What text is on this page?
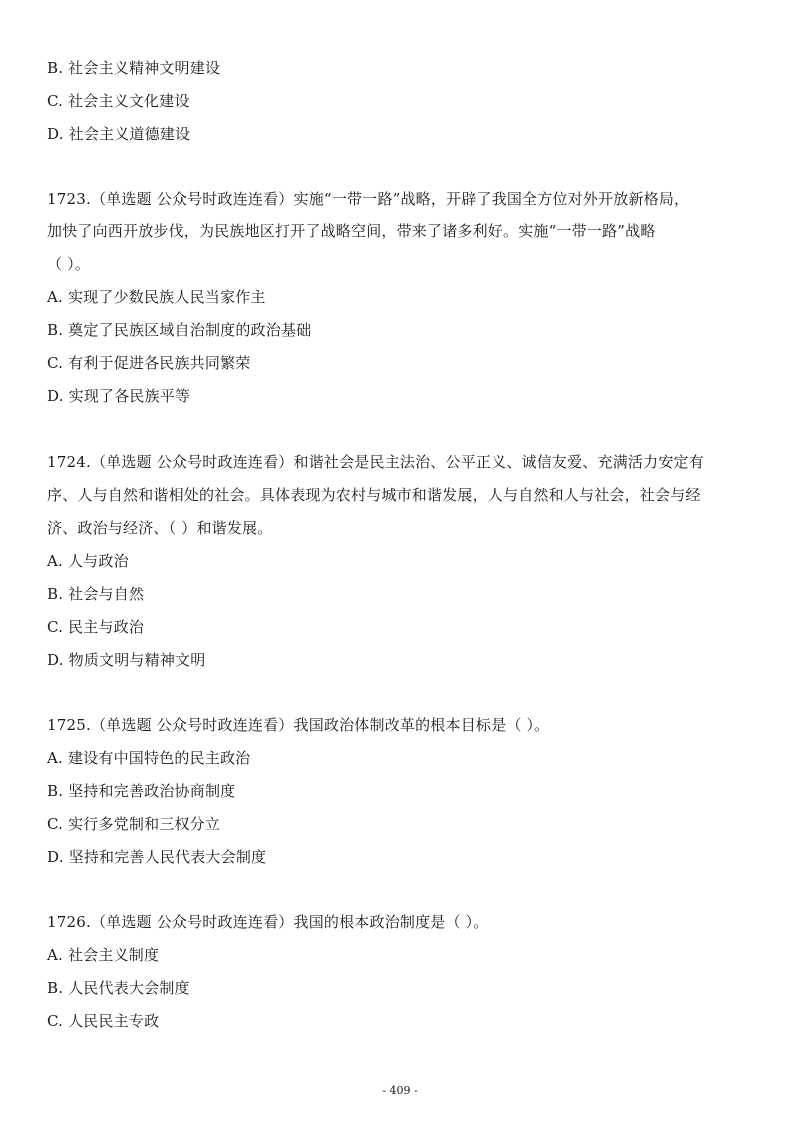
B. 社会主义精神文明建设
C. 社会主义文化建设
D. 社会主义道德建设
1723.（单选题 公众号时政连连看）实施“一带一路”战略，开辟了我国全方位对外开放新格局，
加快了向西开放步伐，为民族地区打开了战略空间，带来了诸多利好。实施“一带一路”战略
（ ）。
A. 实现了少数民族人民当家作主
B. 奠定了民族区域自治制度的政治基础
C. 有利于促进各民族共同繁荣
D. 实现了各民族平等
1724.（单选题 公众号时政连连看）和谐社会是民主法治、公平正义、诚信友爱、充满活力安定有
序、人与自然和谐相处的社会。具体表现为农村与城市和谐发展，人与自然和人与社会，社会与经
济、政治与经济、（ ）和谐发展。
A. 人与政治
B. 社会与自然
C. 民主与政治
D. 物质文明与精神文明
1725.（单选题 公众号时政连连看）我国政治体制改革的根本目标是（ ）。
A. 建设有中国特色的民主政治
B. 坚持和完善政治协商制度
C. 实行多党制和三权分立
D. 坚持和完善人民代表大会制度
1726.（单选题 公众号时政连连看）我国的根本政治制度是（ ）。
A. 社会主义制度
B. 人民代表大会制度
C. 人民民主专政
- 409 -
